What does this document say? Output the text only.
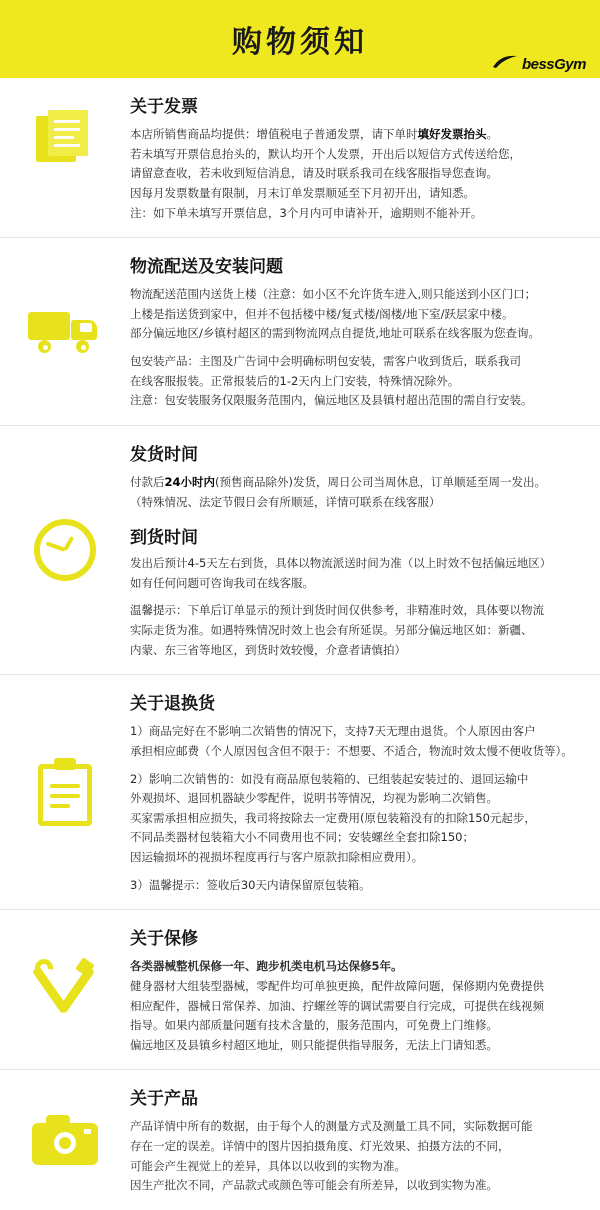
购物须知
bessGym
关于发票

本店所销售商品均提供：增值税电子普通发票，请下单时填好发票抬头。

若未填写开票信息抬头的，默认均开个人发票，开出后以短信方式传送给您，

请留意查收，若未收到短信消息，请及时联系我司在线客服指导您查询。

因每月发票数量有限制，月末订单发票顺延至下月初开出，请知悉。

注：如下单未填写开票信息，3个月内可申请补开，逾期则不能补开。

物流配送及安装问题

物流配送范围内送货上楼（注意：如小区不允许货车进入,则只能送到小区门口；

上楼是指送货到家中，但并不包括楼中楼/复式楼/阁楼/地下室/跃层家中楼。

部分偏远地区/乡镇村超区的需到物流网点自提货,地址可联系在线客服为您查询。

包安装产品：主图及广告词中会明确标明包安装，需客户收到货后，联系我司

在线客服报装。正常报装后的1-2天内上门安装，特殊情况除外。

注意：包安装服务仅限服务范围内，偏远地区及县镇村超出范围的需自行安装。

发货时间

付款后24小时内(预售商品除外)发货，周日公司当周休息，订单顺延至周一发出。

（特殊情况、法定节假日会有所顺延，详情可联系在线客服）

到货时间

发出后预计4-5天左右到货，具体以物流派送时间为准（以上时效不包括偏远地区）

如有任何问题可咨询我司在线客服。

温馨提示：下单后订单显示的预计到货时间仅供参考，非精准时效，具体要以物流

实际走货为准。如遇特殊情况时效上也会有所延误。另部分偏远地区如：新疆、

内蒙、东三省等地区，到货时效较慢，介意者请慎拍）

关于退换货

1）商品完好在不影响二次销售的情况下，支持7天无理由退货。个人原因由客户

承担相应邮费（个人原因包含但不限于：不想要、不适合，物流时效太慢不便收货等）。

2）影响二次销售的：如没有商品原包装箱的、已组装起安装过的、退回运输中

外观损坏、退回机器缺少零配件，说明书等情况，均视为影响二次销售。

买家需承担相应损失，我司将按除去一定费用(原包装箱没有的扣除150元起步，

不同品类器材包装箱大小不同费用也不同；安装螺丝全套扣除150；

因运输损坏的视损坏程度再行与客户原款扣除相应费用）。

3）温馨提示：签收后30天内请保留原包装箱。

关于保修

各类器械整机保修一年、跑步机类电机马达保修5年。

健身器材大组装型器械，零配件均可单独更换，配件故障问题，保修期内免费提供

相应配件，器械日常保养、加油、拧螺丝等的调试需要自行完成，可提供在线视频

指导。如果内部质量问题有技术含量的，服务范围内，可免费上门维修。

偏远地区及县镇乡村超区地址，则只能提供指导服务，无法上门请知悉。

关于产品

产品详情中所有的数据，由于每个人的测量方式及测量工具不同，实际数据可能

存在一定的误差。详情中的图片因拍摄角度、灯光效果、拍摄方法的不同，

可能会产生视觉上的差异，具体以以收到的实物为准。

因生产批次不同，产品款式或颜色等可能会有所差异，以收到实物为准。
